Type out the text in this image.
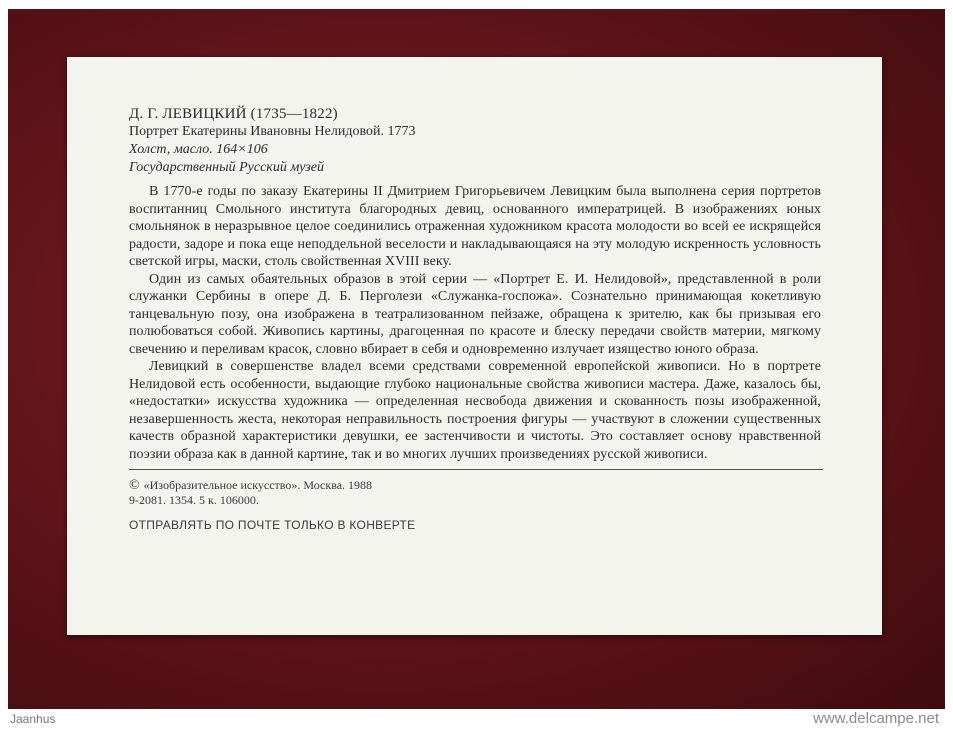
Д. Г. ЛЕВИЦКИЙ (1735—1822)
Портрет Екатерины Ивановны Нелидовой. 1773
Холст, масло. 164×106
Государственный Русский музей

В 1770-е годы по заказу Екатерины II Дмитрием Григорьевичем Левицким была выполнена серия портретов воспитанниц Смольного института благородных девиц, основанного императрицей. В изображениях юных смольнянок в неразрывное целое соединились отраженная художником красота молодости во всей ее искрящейся радости, задоре и пока еще неподдельной веселости и накладывающаяся на эту молодую искренность условность светской игры, маски, столь свойственная XVIII веку.

Один из самых обаятельных образов в этой серии — «Портрет Е. И. Нелидовой», представленной в роли служанки Сербины в опере Д. Б. Перголези «Служанка-госпожа». Сознательно принимающая кокетливую танцевальную позу, она изображена в театрализованном пейзаже, обращена к зрителю, как бы призывая его полюбоваться собой. Живопись картины, драгоценная по красоте и блеску передачи свойств материи, мягкому свечению и переливам красок, словно вбирает в себя и одновременно излучает изящество юного образа.

Левицкий в совершенстве владел всеми средствами современной европейской живописи. Но в портрете Нелидовой есть особенности, выдающие глубоко национальные свойства живописи мастера. Даже, казалось бы, «недостатки» искусства художника — определенная несвобода движения и скованность позы изображенной, незавершенность жеста, некоторая неправильность построения фигуры — участвуют в сложении существенных качеств образной характеристики девушки, ее застенчивости и чистоты. Это составляет основу нравственной поэзии образа как в данной картине, так и во многих лучших произведениях русской живописи.

© «Изобразительное искусство». Москва. 1988
9-2081. 1354. 5 к. 106000.
ОТПРАВЛЯТЬ ПО ПОЧТЕ ТОЛЬКО В КОНВЕРТЕ
Jaanhus	www.delcampe.net
